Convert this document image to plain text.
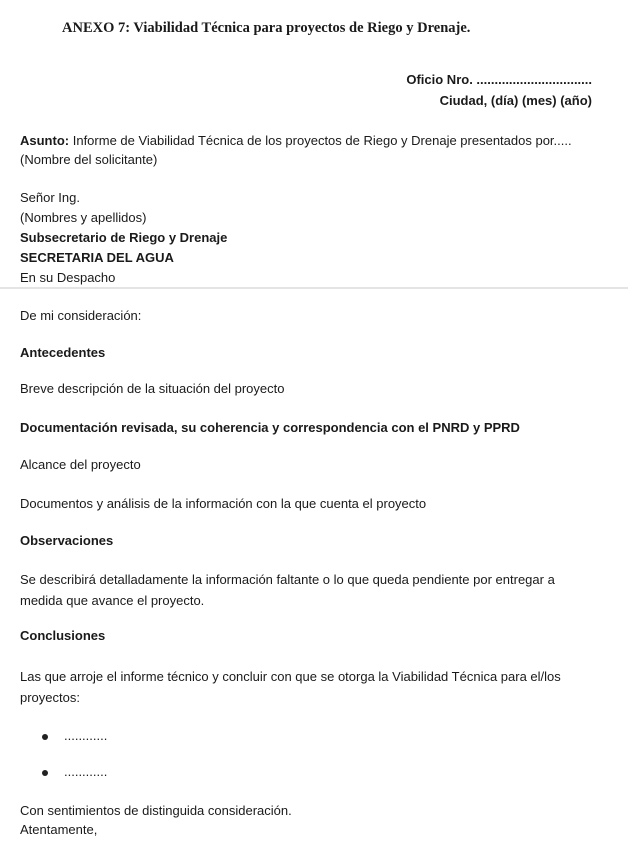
ANEXO 7: Viabilidad Técnica para proyectos de Riego y Drenaje.
Oficio Nro. ................................
Ciudad, (día) (mes) (año)
Asunto: Informe de Viabilidad Técnica de los proyectos de Riego y Drenaje presentados por.....
(Nombre del solicitante)
Señor Ing.
(Nombres y apellidos)
Subsecretario de Riego y Drenaje
SECRETARIA DEL AGUA
En su Despacho
De mi consideración:
Antecedentes
Breve descripción de la situación del proyecto
Documentación revisada, su coherencia y correspondencia con el PNRD y PPRD
Alcance del proyecto
Documentos y análisis de la información con la que cuenta el proyecto
Observaciones
Se describirá detalladamente la información faltante o lo que queda pendiente por entregar a medida que avance el proyecto.
Conclusiones
Las que arroje el informe técnico y concluir con que se otorga la Viabilidad Técnica para el/los proyectos:
............
............
Con sentimientos de distinguida consideración.
Atentamente,
